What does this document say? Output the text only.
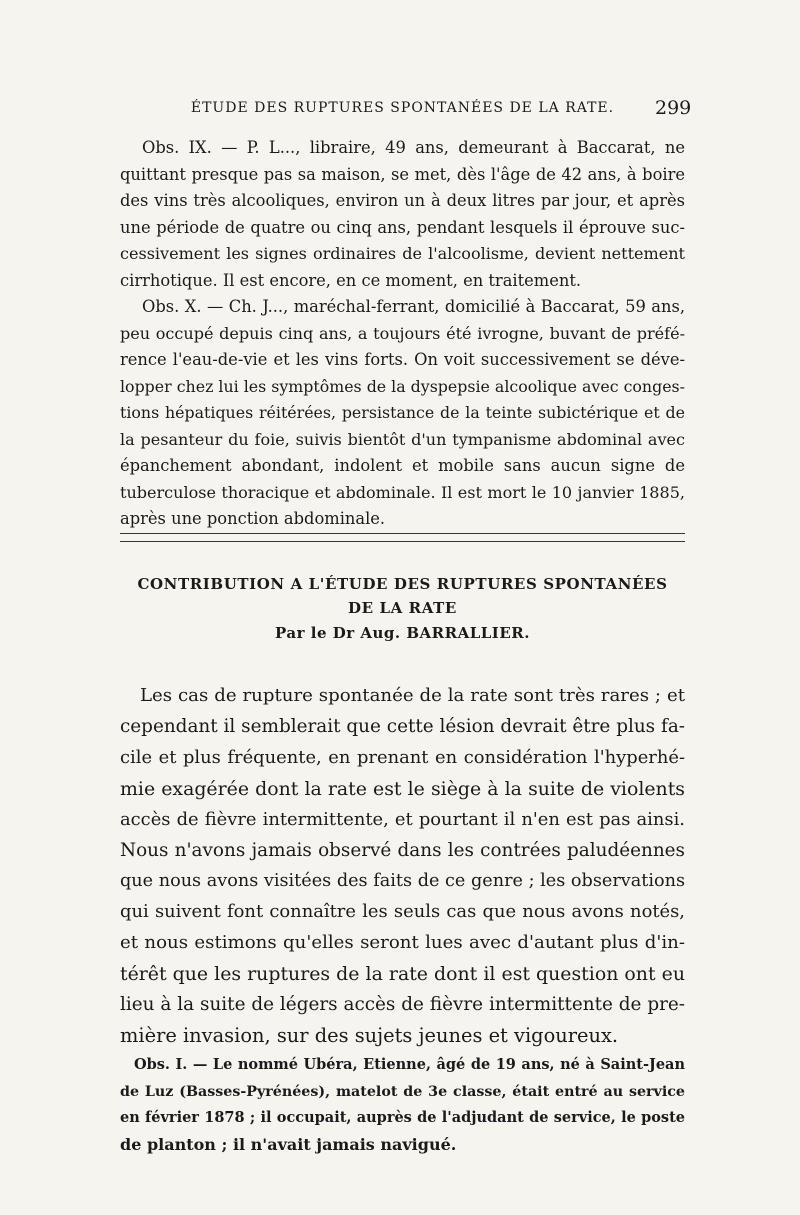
ÉTUDE DES RUPTURES SPONTANÉES DE LA RATE.	299
Obs. IX. — P. L..., libraire, 49 ans, demeurant à Baccarat, ne
quittant presque pas sa maison, se met, dès l'âge de 42 ans, à boire
des vins très alcooliques, environ un à deux litres par jour, et après
une période de quatre ou cinq ans, pendant lesquels il éprouve suc-
cessivement les signes ordinaires de l'alcoolisme, devient nettement
cirrhotique. Il est encore, en ce moment, en traitement.
Obs. X. — Ch. J..., maréchal-ferrant, domicilié à Baccarat, 59 ans,
peu occupé depuis cinq ans, a toujours été ivrogne, buvant de préfé-
rence l'eau-de-vie et les vins forts. On voit successivement se déve-
lopper chez lui les symptômes de la dyspepsie alcoolique avec conges-
tions hépatiques réitérées, persistance de la teinte subictérique et de
la pesanteur du foie, suivis bientôt d'un tympanisme abdominal avec
épanchement abondant, indolent et mobile sans aucun signe de
tuberculose thoracique et abdominale. Il est mort le 10 janvier 1885,
après une ponction abdominale.
CONTRIBUTION A L'ÉTUDE DES RUPTURES SPONTANÉES
DE LA RATE
Par le Dr Aug. BARRALLIER.
Les cas de rupture spontanée de la rate sont très rares ; et
cependant il semblerait que cette lésion devrait être plus fa-
cile et plus fréquente, en prenant en considération l'hyperhé-
mie exagérée dont la rate est le siège à la suite de violents
accès de fièvre intermittente, et pourtant il n'en est pas ainsi.
Nous n'avons jamais observé dans les contrées paludéennes
que nous avons visitées des faits de ce genre ; les observations
qui suivent font connaître les seuls cas que nous avons notés,
et nous estimons qu'elles seront lues avec d'autant plus d'in-
térêt que les ruptures de la rate dont il est question ont eu
lieu à la suite de légers accès de fièvre intermittente de pre-
mière invasion, sur des sujets jeunes et vigoureux.
Obs. I. — Le nommé Ubéra, Etienne, âgé de 19 ans, né à Saint-Jean
de Luz (Basses-Pyrénées), matelot de 3e classe, était entré au service
en février 1878 ; il occupait, auprès de l'adjudant de service, le poste
de planton ; il n'avait jamais navigué.
